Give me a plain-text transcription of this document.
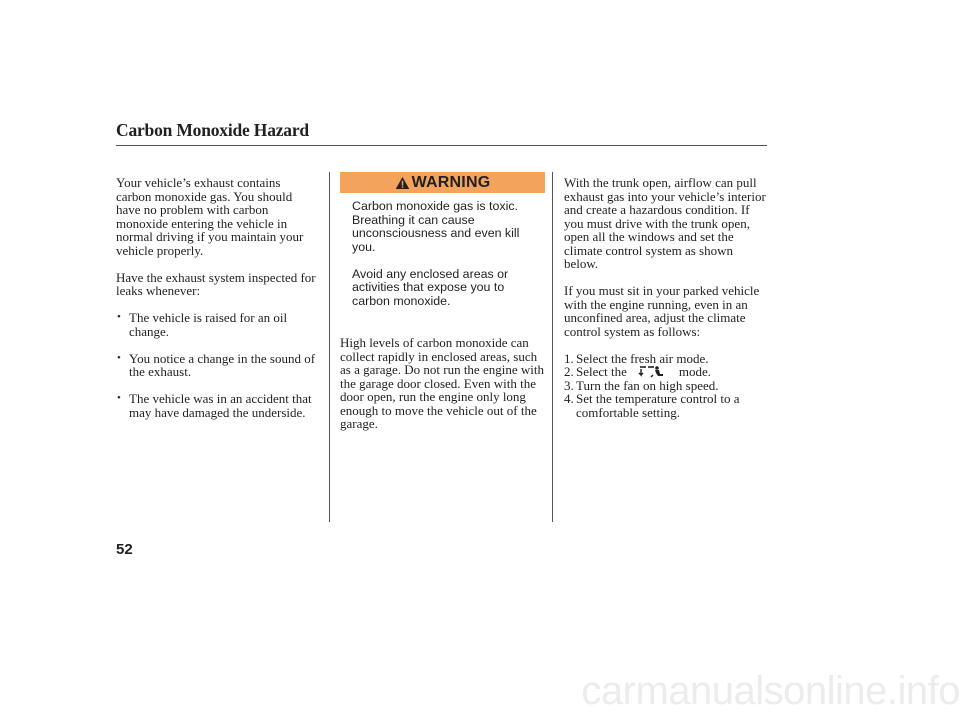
Carbon Monoxide Hazard

Your vehicle’s exhaust contains carbon monoxide gas. You should have no problem with carbon monoxide entering the vehicle in normal driving if you maintain your vehicle properly.

Have the exhaust system inspected for leaks whenever:

• The vehicle is raised for an oil change.
• You notice a change in the sound of the exhaust.
• The vehicle was in an accident that may have damaged the underside.
WARNING

Carbon monoxide gas is toxic. Breathing it can cause unconsciousness and even kill you.

Avoid any enclosed areas or activities that expose you to carbon monoxide.

High levels of carbon monoxide can collect rapidly in enclosed areas, such as a garage. Do not run the engine with the garage door closed. Even with the door open, run the engine only long enough to move the vehicle out of the garage.

With the trunk open, airflow can pull exhaust gas into your vehicle’s interior and create a hazardous condition. If you must drive with the trunk open, open all the windows and set the climate control system as shown below.

If you must sit in your parked vehicle with the engine running, even in an unconfined area, adjust the climate control system as follows:

1. Select the fresh air mode.
2. Select the	mode.
3. Turn the fan on high speed.
4. Set the temperature control to a comfortable setting.
52
carmanualsonline.info
